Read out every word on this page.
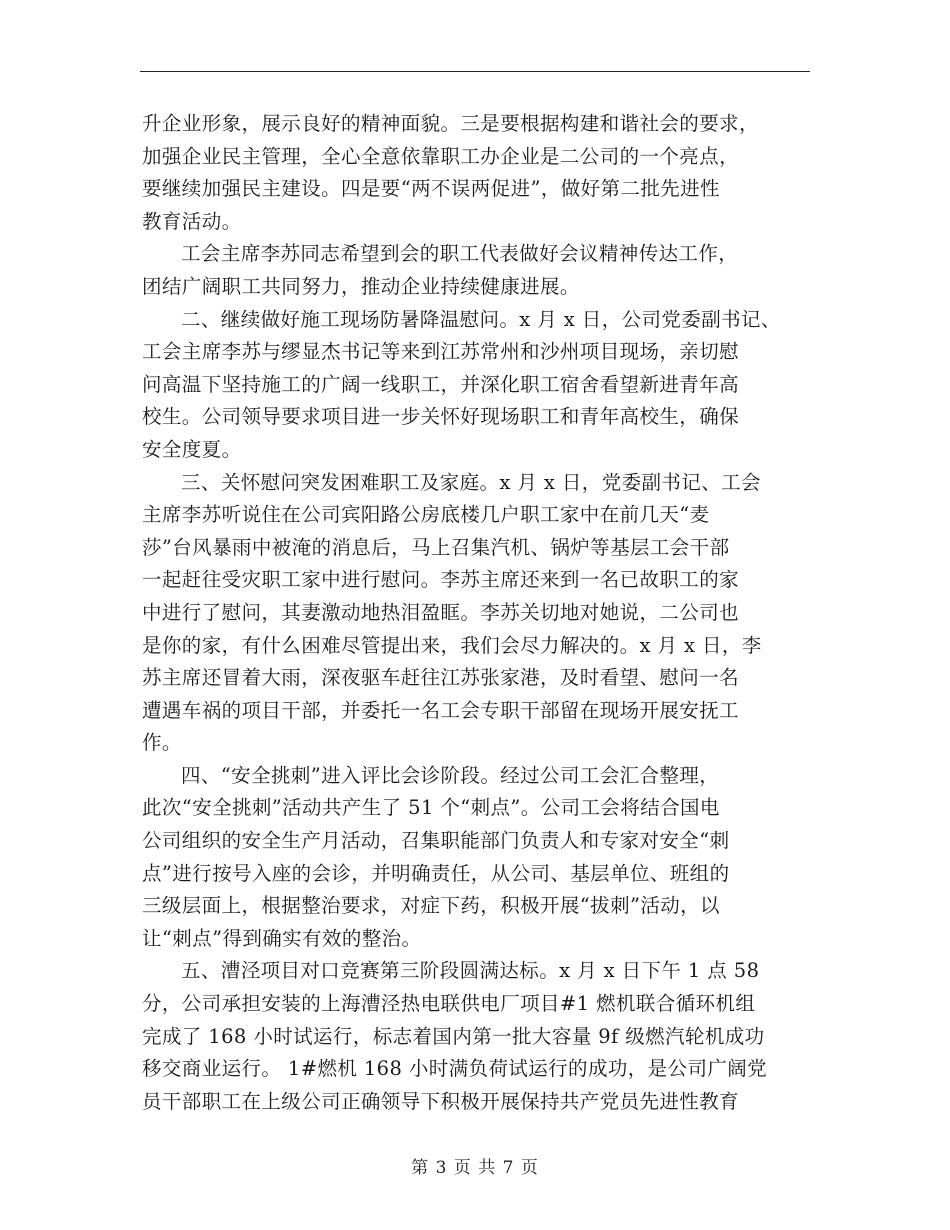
升企业形象，展示良好的精神面貌。三是要根据构建和谐社会的要求，
加强企业民主管理，全心全意依靠职工办企业是二公司的一个亮点，
要继续加强民主建设。四是要“两不误两促进”，做好第二批先进性
教育活动。
工会主席李苏同志希望到会的职工代表做好会议精神传达工作，
团结广阔职工共同努力，推动企业持续健康进展。
二、继续做好施工现场防暑降温慰问。x 月 x 日，公司党委副书记、
工会主席李苏与缪显杰书记等来到江苏常州和沙州项目现场，亲切慰
问高温下坚持施工的广阔一线职工，并深化职工宿舍看望新进青年高
校生。公司领导要求项目进一步关怀好现场职工和青年高校生，确保
安全度夏。
三、关怀慰问突发困难职工及家庭。x 月 x 日，党委副书记、工会
主席李苏听说住在公司宾阳路公房底楼几户职工家中在前几天“麦
莎”台风暴雨中被淹的消息后，马上召集汽机、锅炉等基层工会干部
一起赶往受灾职工家中进行慰问。李苏主席还来到一名已故职工的家
中进行了慰问，其妻激动地热泪盈眶。李苏关切地对她说，二公司也
是你的家，有什么困难尽管提出来，我们会尽力解决的。x 月 x 日，李
苏主席还冒着大雨，深夜驱车赶往江苏张家港，及时看望、慰问一名
遭遇车祸的项目干部，并委托一名工会专职干部留在现场开展安抚工
作。
四、“安全挑刺”进入评比会诊阶段。经过公司工会汇合整理，
此次“安全挑刺”活动共产生了 51 个“刺点”。公司工会将结合国电
公司组织的安全生产月活动，召集职能部门负责人和专家对安全“刺
点”进行按号入座的会诊，并明确责任，从公司、基层单位、班组的
三级层面上，根据整治要求，对症下药，积极开展“拔刺”活动，以
让“刺点”得到确实有效的整治。
五、漕泾项目对口竞赛第三阶段圆满达标。x 月 x 日下午 1 点 58
分，公司承担安装的上海漕泾热电联供电厂项目#1 燃机联合循环机组
完成了 168 小时试运行，标志着国内第一批大容量 9f 级燃汽轮机成功
移交商业运行。 1#燃机 168 小时满负荷试运行的成功，是公司广阔党
员干部职工在上级公司正确领导下积极开展保持共产党员先进性教育
第 3 页 共 7 页
